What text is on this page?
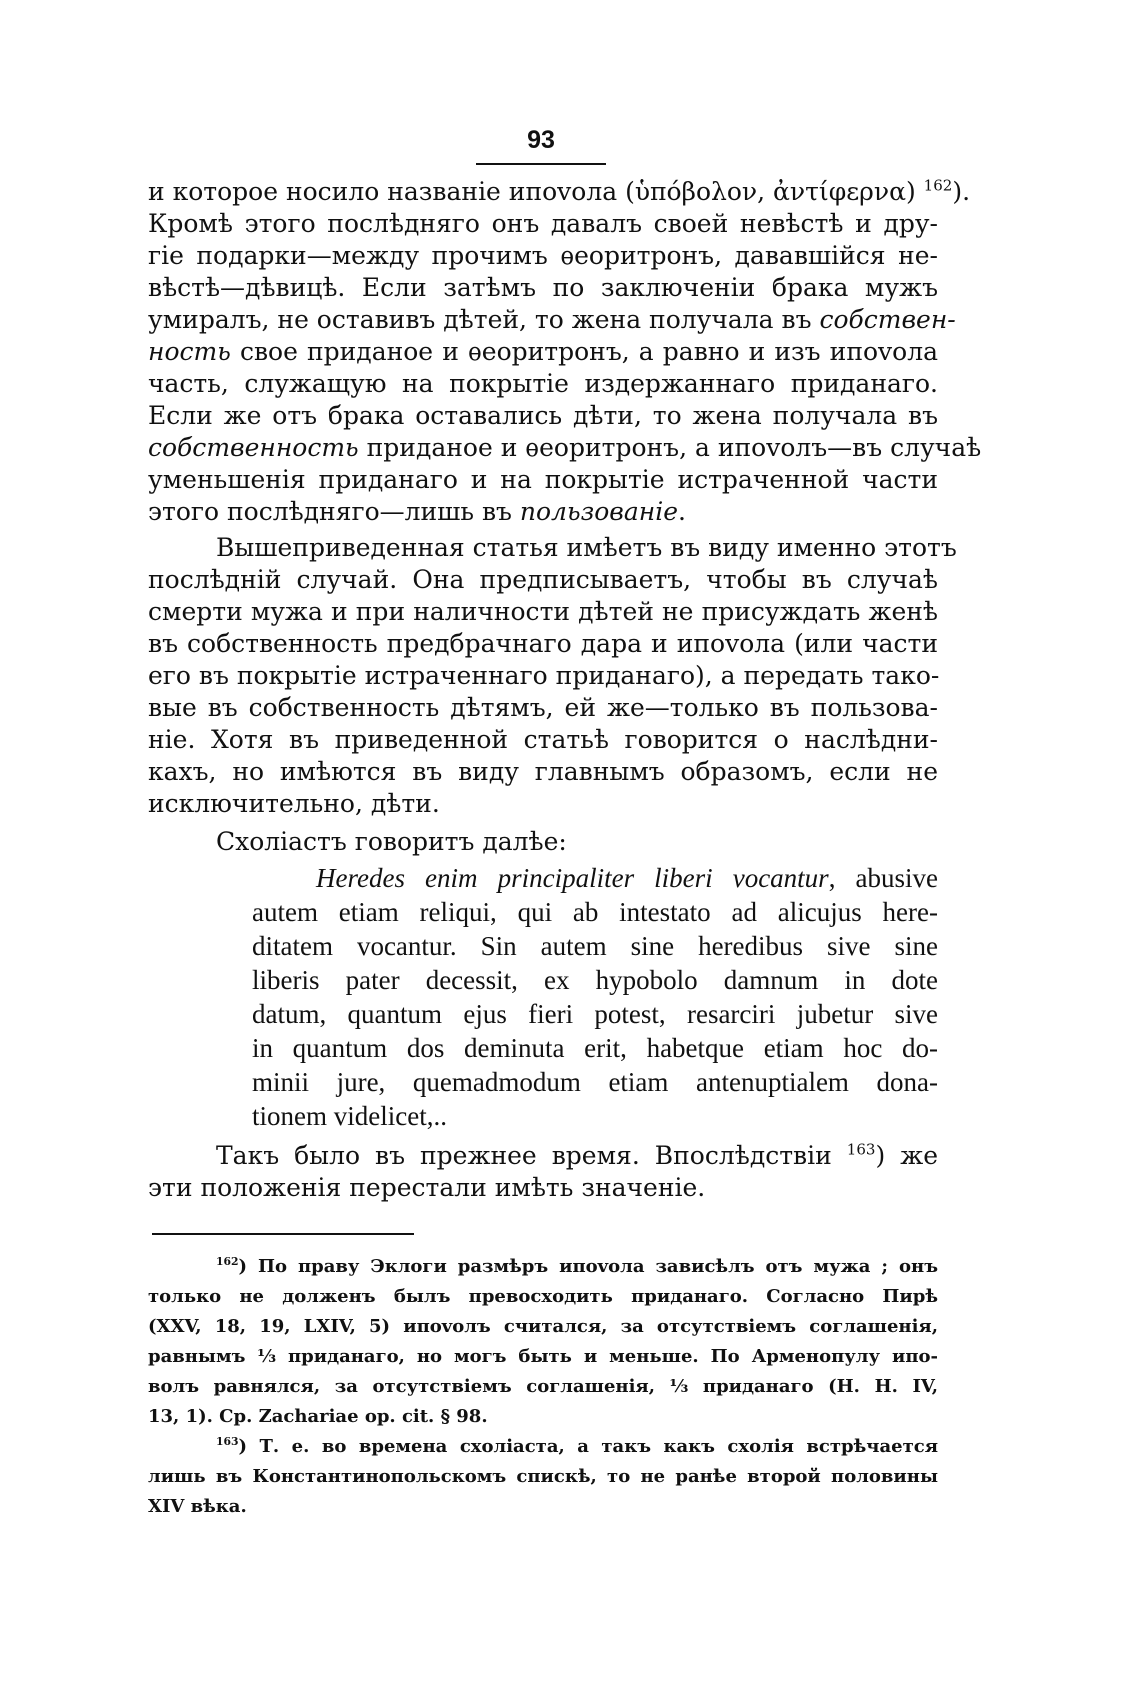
93
и которое носило названіе ипovола (ὑπόβολον, ἀντίφερνα) $^{162}$).
Кромѣ этого послѣдняго онъ давалъ своей невѣстѣ и дру-
гіе подарки—между прочимъ ѳеоритронъ, дававшійся не-
вѣстѣ—дѣвицѣ. Если затѣмъ по заключеніи брака мужъ
умиралъ, не оставивъ дѣтей, то жена получала въ собствен-
ность свое приданое и ѳеоритронъ, а равно и изъ ипovола
часть, служащую на покрытіе издержаннаго приданаго.
Если же отъ брака оставались дѣти, то жена получала въ
собственность приданое и ѳеоритронъ, а ипovолъ—въ случаѣ
уменьшенія приданаго и на покрытіе истраченной части
этого послѣдняго—лишь въ пользованіе.
Вышеприведенная статья имѣетъ въ виду именно этотъ
послѣдній случай. Она предписываетъ, чтобы въ случаѣ
смерти мужа и при наличности дѣтей не присуждать женѣ
въ собственность предбрачнаго дара и ипovола (или части
его въ покрытіе истраченнаго приданаго), а передать тако-
вые въ собственность дѣтямъ, ей же—только въ пользова-
ніе. Хотя въ приведенной статьѣ говорится о наслѣдни-
кахъ, но имѣются въ виду главнымъ образомъ, если не
исключительно, дѣти.
Схоліастъ говоритъ далѣе:
Heredes enim principaliter liberi vocantur, abusive
autem etiam reliqui, qui ab intestato ad alicujus here-
ditatem vocantur. Sin autem sine heredibus sive sine
liberis pater decessit, ex hypobolo damnum in dote
datum, quantum ejus fieri potest, resarciri jubetur sive
in quantum dos deminuta erit, habetque etiam hoc do-
minii jure, quemadmodum etiam antenuptialem dona-
tionem videlicet,..
Такъ было въ прежнее время. Впослѣдствіи $^{163}$) же
эти положенія перестали имѣть значеніе.
$^{162}$) По праву Эклоги размѣръ ипovола зависѣлъ отъ мужа ; онъ
только не долженъ былъ превосходить приданаго. Согласно Пирѣ
(XXV, 18, 19, LXIV, 5) ипovолъ считался, за отсутствіемъ соглашенія,
равнымъ ⅓ приданаго, но могъ быть и меньше. По Арменопулу ипо-
волъ равнялся, за отсутствіемъ соглашенія, ⅓ приданаго (H. H. IV,
13, 1). Cp. Zachariae op. cit. § 98.
$^{163}$) Т. е. во времена схоліаста, а такъ какъ схолія встрѣчается
лишь въ Константинопольскомъ спискѣ, то не ранѣе второй половины
XIV вѣка.
